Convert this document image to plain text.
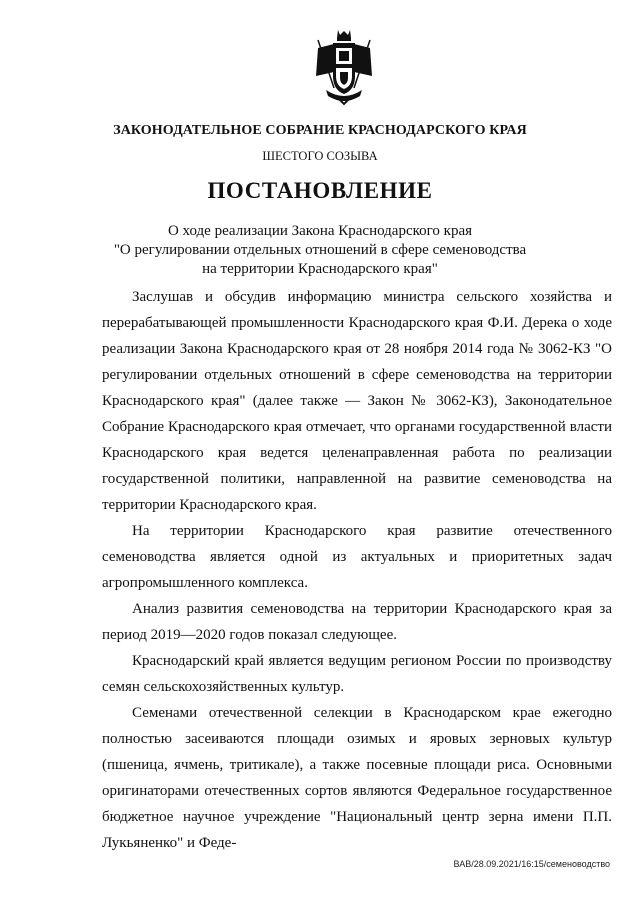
ЗАКОНОДАТЕЛЬНОЕ СОБРАНИЕ КРАСНОДАРСКОГО КРАЯ
ШЕСТОГО СОЗЫВА
ПОСТАНОВЛЕНИЕ
О ходе реализации Закона Краснодарского края
"О регулировании отдельных отношений в сфере семеноводства
на территории Краснодарского края"

Заслушав и обсудив информацию министра сельского хозяйства и перерабатывающей промышленности Краснодарского края Ф.И. Дерека о ходе реализации Закона Краснодарского края от 28 ноября 2014 года № 3062-КЗ "О регулировании отдельных отношений в сфере семеноводства на территории Краснодарского края" (далее также — Закон № 3062-КЗ), Законодательное Собрание Краснодарского края отмечает, что органами государственной власти Краснодарского края ведется целенаправленная работа по реализации государственной политики, направленной на развитие семеноводства на территории Краснодарского края.

На территории Краснодарского края развитие отечественного семеноводства является одной из актуальных и приоритетных задач агропромышленного комплекса.

Анализ развития семеноводства на территории Краснодарского края за период 2019—2020 годов показал следующее.

Краснодарский край является ведущим регионом России по производству семян сельскохозяйственных культур.

Семенами отечественной селекции в Краснодарском крае ежегодно полностью засеиваются площади озимых и яровых зерновых культур (пшеница, ячмень, тритикале), а также посевные площади риса. Основными оригинаторами отечественных сортов являются Федеральное государственное бюджетное научное учреждение "Национальный центр зерна имени П.П. Лукьяненко" и Феде-

ВАВ/28.09.2021/16:15/семеноводство
